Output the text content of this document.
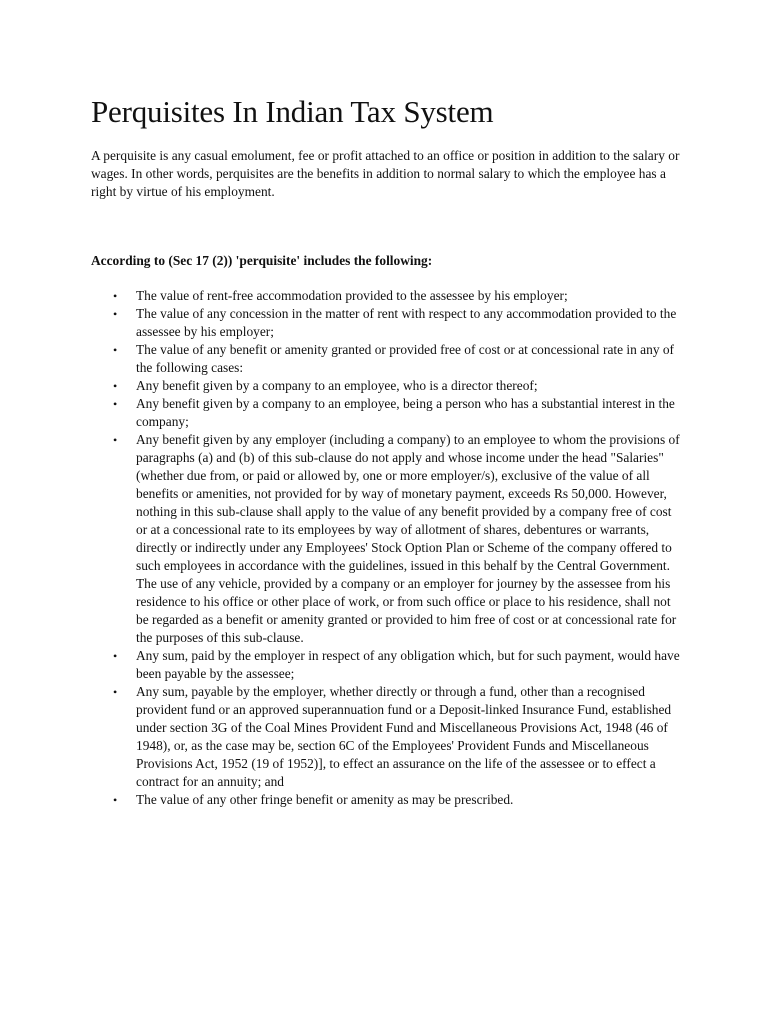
Perquisites In Indian Tax System

A perquisite is any casual emolument, fee or profit attached to an office or position in addition to the salary or wages. In other words, perquisites are the benefits in addition to normal salary to which the employee has a right by virtue of his employment.

According to (Sec 17 (2)) 'perquisite' includes the following:

• The value of rent-free accommodation provided to the assessee by his employer;
• The value of any concession in the matter of rent with respect to any accommodation provided to the assessee by his employer;
• The value of any benefit or amenity granted or provided free of cost or at concessional rate in any of the following cases:
• Any benefit given by a company to an employee, who is a director thereof;
• Any benefit given by a company to an employee, being a person who has a substantial interest in the company;
• Any benefit given by any employer (including a company) to an employee to whom the provisions of paragraphs (a) and (b) of this sub-clause do not apply and whose income under the head "Salaries" (whether due from, or paid or allowed by, one or more employer/s), exclusive of the value of all benefits or amenities, not provided for by way of monetary payment, exceeds Rs 50,000. However, nothing in this sub-clause shall apply to the value of any benefit provided by a company free of cost or at a concessional rate to its employees by way of allotment of shares, debentures or warrants, directly or indirectly under any Employees' Stock Option Plan or Scheme of the company offered to such employees in accordance with the guidelines, issued in this behalf by the Central Government. The use of any vehicle, provided by a company or an employer for journey by the assessee from his residence to his office or other place of work, or from such office or place to his residence, shall not be regarded as a benefit or amenity granted or provided to him free of cost or at concessional rate for the purposes of this sub-clause.
• Any sum, paid by the employer in respect of any obligation which, but for such payment, would have been payable by the assessee;
• Any sum, payable by the employer, whether directly or through a fund, other than a recognised provident fund or an approved superannuation fund or a Deposit-linked Insurance Fund, established under section 3G of the Coal Mines Provident Fund and Miscellaneous Provisions Act, 1948 (46 of 1948), or, as the case may be, section 6C of the Employees' Provident Funds and Miscellaneous Provisions Act, 1952 (19 of 1952)], to effect an assurance on the life of the assessee or to effect a contract for an annuity; and
• The value of any other fringe benefit or amenity as may be prescribed.
